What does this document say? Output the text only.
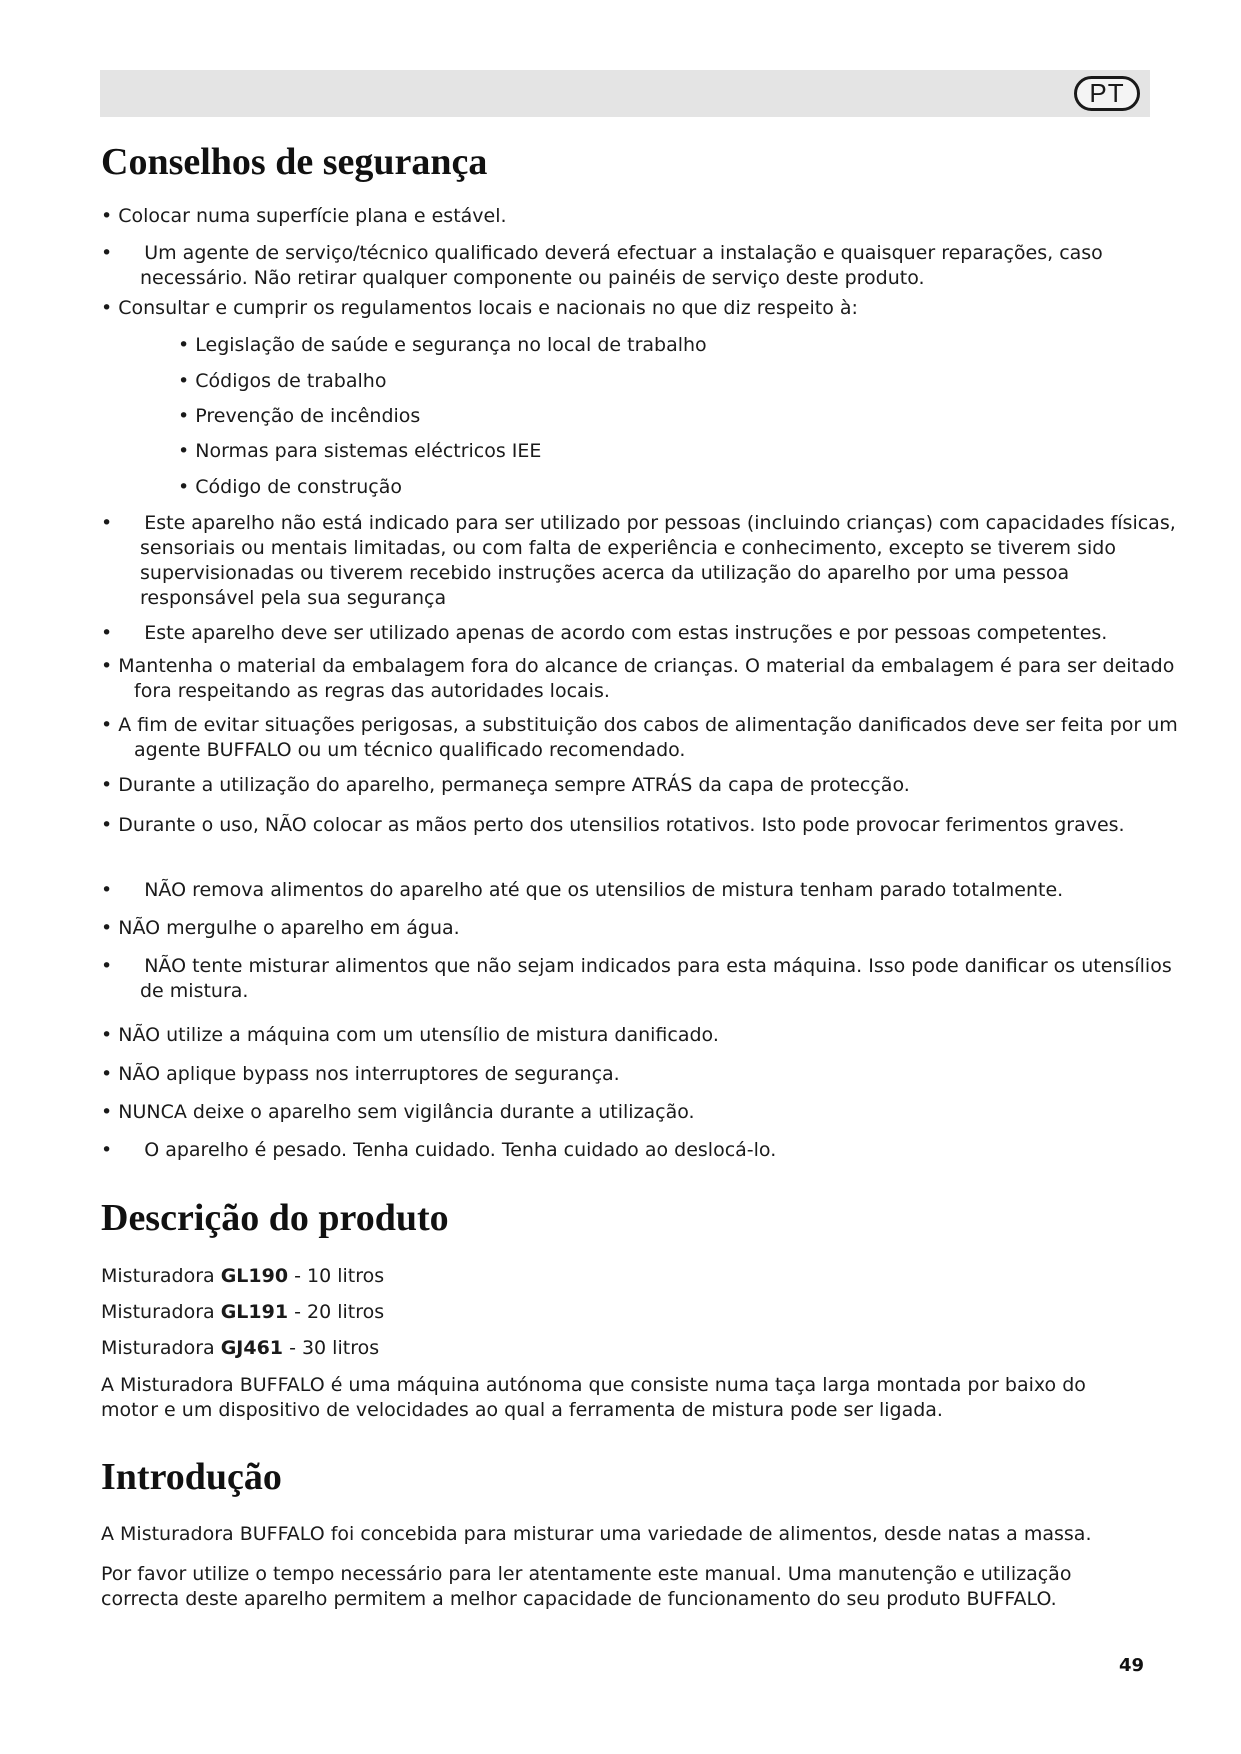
PT
Conselhos de segurança

• Colocar numa superfície plana e estável.

• Um agente de serviço/técnico qualificado deverá efectuar a instalação e quaisquer reparações, caso necessário. Não retirar qualquer componente ou painéis de serviço deste produto.

• Consultar e cumprir os regulamentos locais e nacionais no que diz respeito à:

• Legislação de saúde e segurança no local de trabalho

• Códigos de trabalho

• Prevenção de incêndios

• Normas para sistemas eléctricos IEE

• Código de construção

• Este aparelho não está indicado para ser utilizado por pessoas (incluindo crianças) com capacidades físicas, sensoriais ou mentais limitadas, ou com falta de experiência e conhecimento, excepto se tiverem sido supervisionadas ou tiverem recebido instruções acerca da utilização do aparelho por uma pessoa responsável pela sua segurança

• Este aparelho deve ser utilizado apenas de acordo com estas instruções e por pessoas competentes.

• Mantenha o material da embalagem fora do alcance de crianças. O material da embalagem é para ser deitado fora respeitando as regras das autoridades locais.

• A fim de evitar situações perigosas, a substituição dos cabos de alimentação danificados deve ser feita por um agente BUFFALO ou um técnico qualificado recomendado.

• Durante a utilização do aparelho, permaneça sempre ATRÁS da capa de protecção.

• Durante o uso, NÃO colocar as mãos perto dos utensilios rotativos. Isto pode provocar ferimentos graves.

• NÃO remova alimentos do aparelho até que os utensilios de mistura tenham parado totalmente.

• NÃO mergulhe o aparelho em água.

• NÃO tente misturar alimentos que não sejam indicados para esta máquina. Isso pode danificar os utensílios de mistura.

• NÃO utilize a máquina com um utensílio de mistura danificado.

• NÃO aplique bypass nos interruptores de segurança.

• NUNCA deixe o aparelho sem vigilância durante a utilização.

• O aparelho é pesado. Tenha cuidado. Tenha cuidado ao deslocá-lo.

Descrição do produto

Misturadora GL190 - 10 litros

Misturadora GL191 - 20 litros

Misturadora GJ461 - 30 litros

A Misturadora BUFFALO é uma máquina autónoma que consiste numa taça larga montada por baixo do motor e um dispositivo de velocidades ao qual a ferramenta de mistura pode ser ligada.

Introdução

A Misturadora BUFFALO foi concebida para misturar uma variedade de alimentos, desde natas a massa.

Por favor utilize o tempo necessário para ler atentamente este manual. Uma manutenção e utilização correcta deste aparelho permitem a melhor capacidade de funcionamento do seu produto BUFFALO.

49
